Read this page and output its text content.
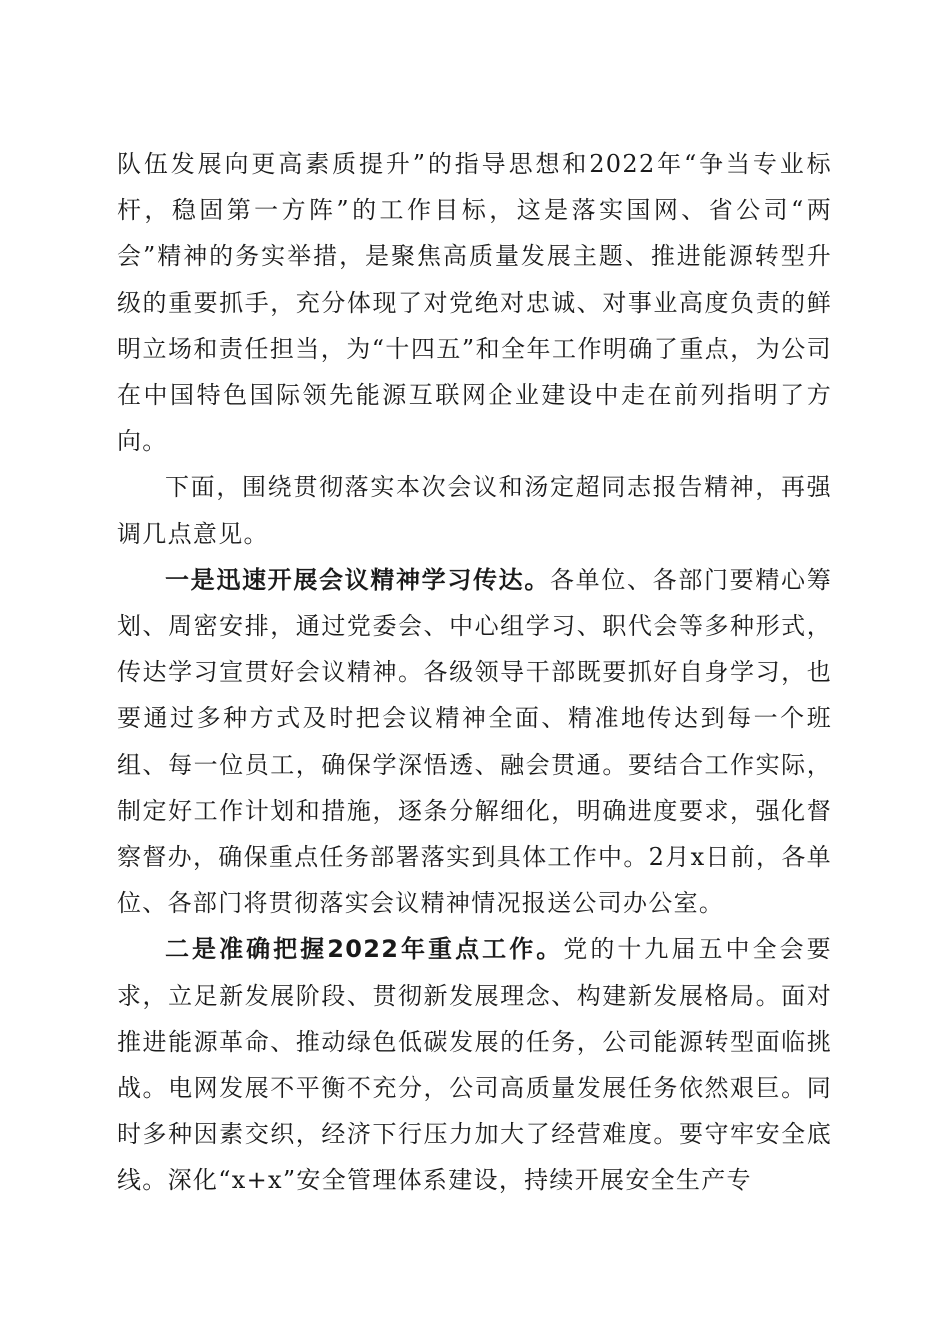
队伍发展向更高素质提升”的指导思想和2022年“争当专业标杆，稳固第一方阵”的工作目标，这是落实国网、省公司“两会”精神的务实举措，是聚焦高质量发展主题、推进能源转型升级的重要抓手，充分体现了对党绝对忠诚、对事业高度负责的鲜明立场和责任担当，为“十四五”和全年工作明确了重点，为公司在中国特色国际领先能源互联网企业建设中走在前列指明了方向。

下面，围绕贯彻落实本次会议和汤定超同志报告精神，再强调几点意见。

一是迅速开展会议精神学习传达。各单位、各部门要精心筹划、周密安排，通过党委会、中心组学习、职代会等多种形式，传达学习宣贯好会议精神。各级领导干部既要抓好自身学习，也要通过多种方式及时把会议精神全面、精准地传达到每一个班组、每一位员工，确保学深悟透、融会贯通。要结合工作实际，制定好工作计划和措施，逐条分解细化，明确进度要求，强化督察督办，确保重点任务部署落实到具体工作中。2月x日前，各单位、各部门将贯彻落实会议精神情况报送公司办公室。

二是准确把握2022年重点工作。党的十九届五中全会要求，立足新发展阶段、贯彻新发展理念、构建新发展格局。面对推进能源革命、推动绿色低碳发展的任务，公司能源转型面临挑战。电网发展不平衡不充分，公司高质量发展任务依然艰巨。同时多种因素交织，经济下行压力加大了经营难度。要守牢安全底线。深化“x+x”安全管理体系建设，持续开展安全生产专
